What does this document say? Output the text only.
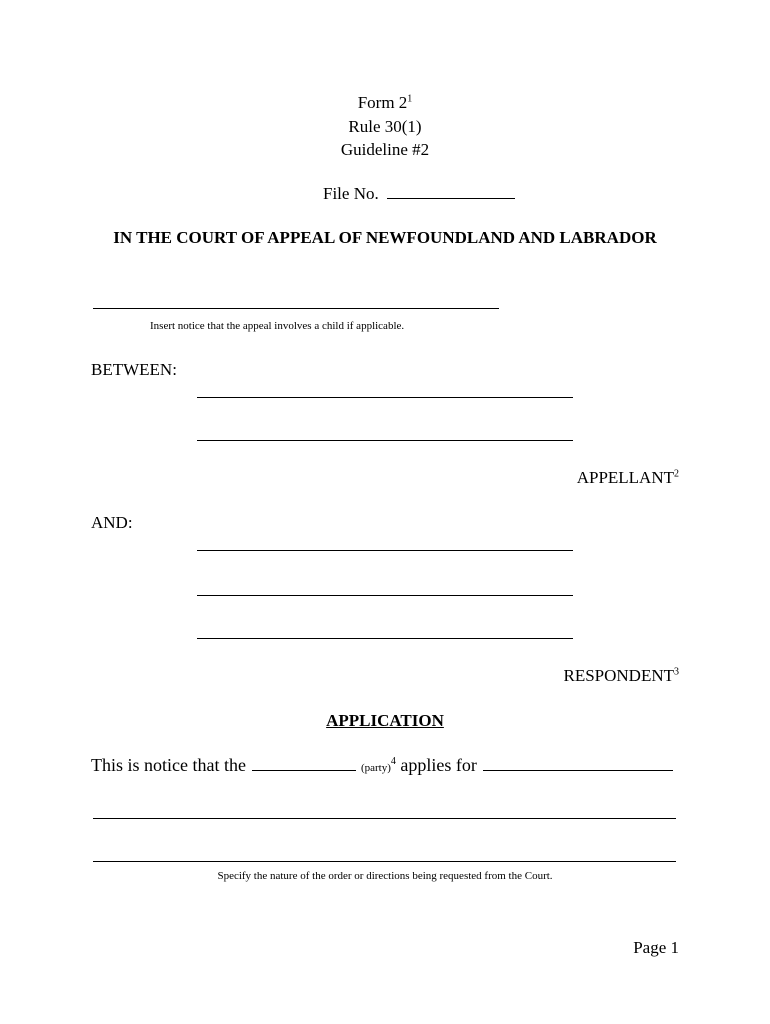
Form $2^1$
Rule 30(1)
Guideline #2
File No.
IN THE COURT OF APPEAL OF NEWFOUNDLAND AND LABRADOR
Insert notice that the appeal involves a child if applicable.
BETWEEN:
APPELLANT$^2$
AND:
RESPONDENT$^3$
APPLICATION
This is notice that the	(party)$^4$ applies for
Specify the nature of the order or directions being requested from the Court.
Page 1
